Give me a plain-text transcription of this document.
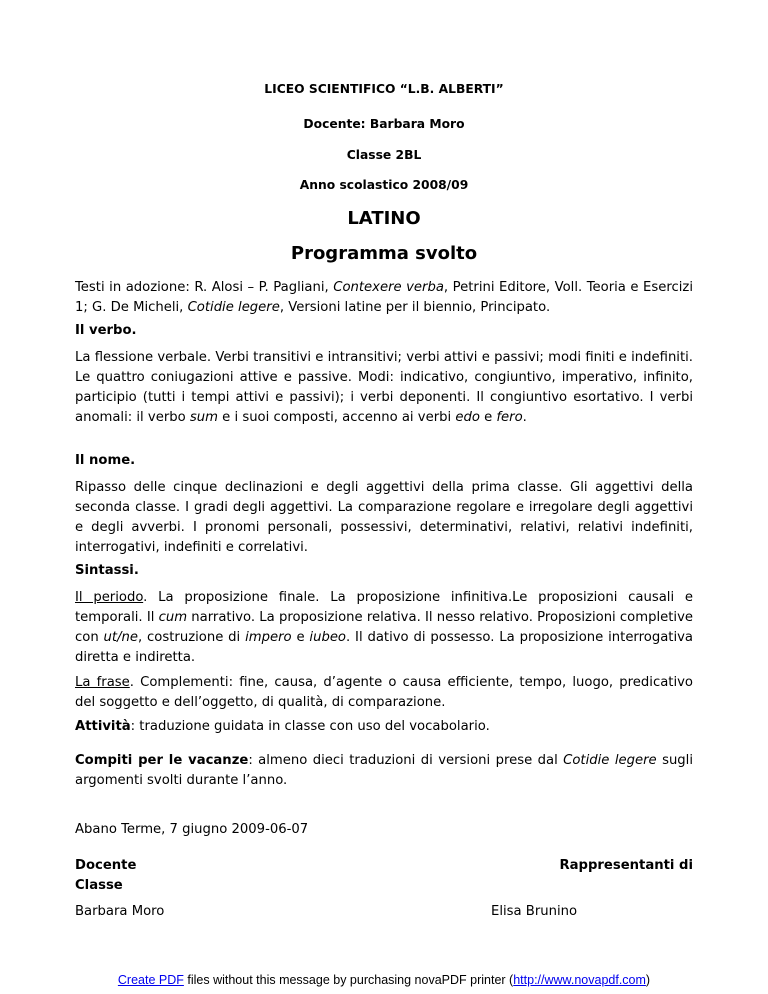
LICEO SCIENTIFICO “L.B. ALBERTI”
Docente: Barbara Moro
Classe 2BL
Anno scolastico 2008/09
LATINO
Programma svolto

Testi in adozione: R. Alosi – P. Pagliani, Contexere verba, Petrini Editore, Voll. Teoria e Esercizi 1; G. De Micheli, Cotidie legere, Versioni latine per il biennio, Principato.

Il verbo.

La flessione verbale. Verbi transitivi e intransitivi; verbi attivi e passivi; modi finiti e indefiniti. Le quattro coniugazioni attive e passive. Modi: indicativo, congiuntivo, imperativo, infinito, participio (tutti i tempi attivi e passivi); i verbi deponenti. Il congiuntivo esortativo. I verbi anomali: il verbo sum e i suoi composti, accenno ai verbi edo e fero.

Il nome.

Ripasso delle cinque declinazioni e degli aggettivi della prima classe. Gli aggettivi della seconda classe. I gradi degli aggettivi. La comparazione regolare e irregolare degli aggettivi e degli avverbi. I pronomi personali, possessivi, determinativi, relativi, relativi indefiniti, interrogativi, indefiniti e correlativi.

Sintassi.

Il periodo. La proposizione finale. La proposizione infinitiva.Le proposizioni causali e temporali. Il cum narrativo. La proposizione relativa. Il nesso relativo. Proposizioni completive con ut/ne, costruzione di impero e iubeo. Il dativo di possesso. La proposizione interrogativa diretta e indiretta.

La frase. Complementi: fine, causa, d’agente o causa efficiente, tempo, luogo, predicativo del soggetto e dell’oggetto, di qualità, di comparazione.

Attività: traduzione guidata in classe con uso del vocabolario.

Compiti per le vacanze: almeno dieci traduzioni di versioni prese dal Cotidie legere sugli argomenti svolti durante l’anno.

Abano Terme, 7 giugno 2009-06-07
Docente
Classe
Rappresentanti di
Barbara Moro	Elisa Brunino
Create PDF files without this message by purchasing novaPDF printer (http://www.novapdf.com)
